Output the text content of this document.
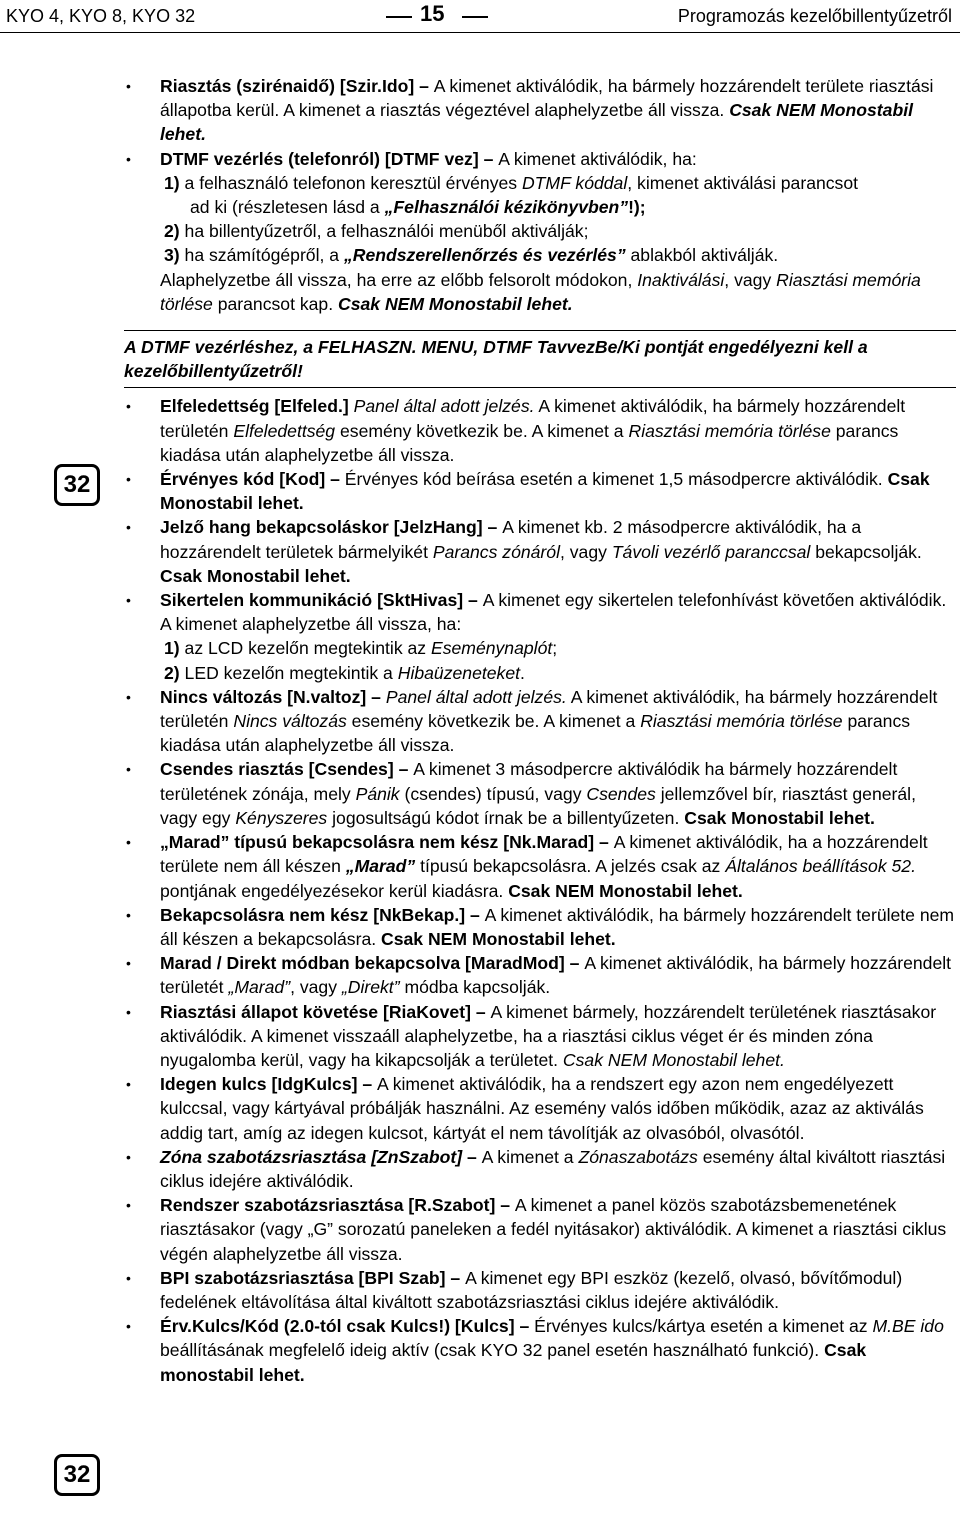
KYO 4, KYO 8, KYO 32	15	Programozás kezelőbillentyűzetről
32
32

• Riasztás (szirénaidő) [Szir.Ido] – A kimenet aktiválódik, ha bármely hozzárendelt területe riasztási állapotba kerül. A kimenet a riasztás végeztével alaphelyzetbe áll vissza. Csak NEM Monostabil lehet.

• DTMF vezérlés (telefonról) [DTMF vez] – A kimenet aktiválódik, ha:

1) a felhasználó telefonon keresztül érvényes DTMF kóddal, kimenet aktiválási parancsot

ad ki (részletesen lásd a „Felhasználói kézikönyvben”!);

2) ha billentyűzetről, a felhasználói menüből aktiválják;

3) ha számítógépről, a „Rendszerellenőrzés és vezérlés” ablakból aktiválják.

Alaphelyzetbe áll vissza, ha erre az előbb felsorolt módokon, Inaktiválási, vagy Riasztási memória törlése parancsot kap. Csak NEM Monostabil lehet.

A DTMF vezérléshez, a FELHASZN. MENU, DTMF TavvezBe/Ki pontját engedélyezni kell a kezelőbillentyűzetről!

• Elfeledettség [Elfeled.] Panel által adott jelzés. A kimenet aktiválódik, ha bármely hozzárendelt területén Elfeledettség esemény következik be. A kimenet a Riasztási memória törlése parancs kiadása után alaphelyzetbe áll vissza.

• Érvényes kód [Kod] – Érvényes kód beírása esetén a kimenet 1,5 másodpercre aktiválódik. Csak Monostabil lehet.

• Jelző hang bekapcsoláskor [JelzHang] – A kimenet kb. 2 másodpercre aktiválódik, ha a hozzárendelt területek bármelyikét Parancs zónáról, vagy Távoli vezérlő paranccsal bekapcsolják. Csak Monostabil lehet.

• Sikertelen kommunikáció [SktHivas] – A kimenet egy sikertelen telefonhívást követően aktiválódik. A kimenet alaphelyzetbe áll vissza, ha:

1) az LCD kezelőn megtekintik az Eseménynaplót;

2) LED kezelőn megtekintik a Hibaüzeneteket.

• Nincs változás [N.valtoz] – Panel által adott jelzés. A kimenet aktiválódik, ha bármely hozzárendelt területén Nincs változás esemény következik be. A kimenet a Riasztási memória törlése parancs kiadása után alaphelyzetbe áll vissza.

• Csendes riasztás [Csendes] – A kimenet 3 másodpercre aktiválódik ha bármely hozzárendelt területének zónája, mely Pánik (csendes) típusú, vagy Csendes jellemzővel bír, riasztást generál, vagy egy Kényszeres jogosultságú kódot írnak be a billentyűzeten. Csak Monostabil lehet.

• „Marad” típusú bekapcsolásra nem kész [Nk.Marad] – A kimenet aktiválódik, ha a hozzárendelt területe nem áll készen „Marad” típusú bekapcsolásra. A jelzés csak az Általános beállítások 52. pontjának engedélyezésekor kerül kiadásra. Csak NEM Monostabil lehet.

• Bekapcsolásra nem kész [NkBekap.] – A kimenet aktiválódik, ha bármely hozzárendelt területe nem áll készen a bekapcsolásra. Csak NEM Monostabil lehet.

• Marad / Direkt módban bekapcsolva [MaradMod] – A kimenet aktiválódik, ha bármely hozzárendelt területét „Marad”, vagy „Direkt” módba kapcsolják.

• Riasztási állapot követése [RiaKovet] – A kimenet bármely, hozzárendelt területének riasztásakor aktiválódik. A kimenet visszaáll alaphelyzetbe, ha a riasztási ciklus véget ér és minden zóna nyugalomba kerül, vagy ha kikapcsolják a területet. Csak NEM Monostabil lehet.

• Idegen kulcs [IdgKulcs] – A kimenet aktiválódik, ha a rendszert egy azon nem engedélyezett kulccsal, vagy kártyával próbálják használni. Az esemény valós időben működik, azaz az aktiválás addig tart, amíg az idegen kulcsot, kártyát el nem távolítják az olvasóból, olvasótól.

• Zóna szabotázsriasztása [ZnSzabot] – A kimenet a Zónaszabotázs esemény által kiváltott riasztási ciklus idejére aktiválódik.

• Rendszer szabotázsriasztása [R.Szabot] – A kimenet a panel közös szabotázsbemenetének riasztásakor (vagy „G” sorozatú paneleken a fedél nyitásakor) aktiválódik. A kimenet a riasztási ciklus végén alaphelyzetbe áll vissza.

• BPI szabotázsriasztása [BPI Szab] – A kimenet egy BPI eszköz (kezelő, olvasó, bővítőmodul) fedelének eltávolítása által kiváltott szabotázsriasztási ciklus idejére aktiválódik.

• Érv.Kulcs/Kód (2.0-tól csak Kulcs!) [Kulcs] – Érvényes kulcs/kártya esetén a kimenet az M.BE ido beállításának megfelelő ideig aktív (csak KYO 32 panel esetén használható funkció). Csak monostabil lehet.
